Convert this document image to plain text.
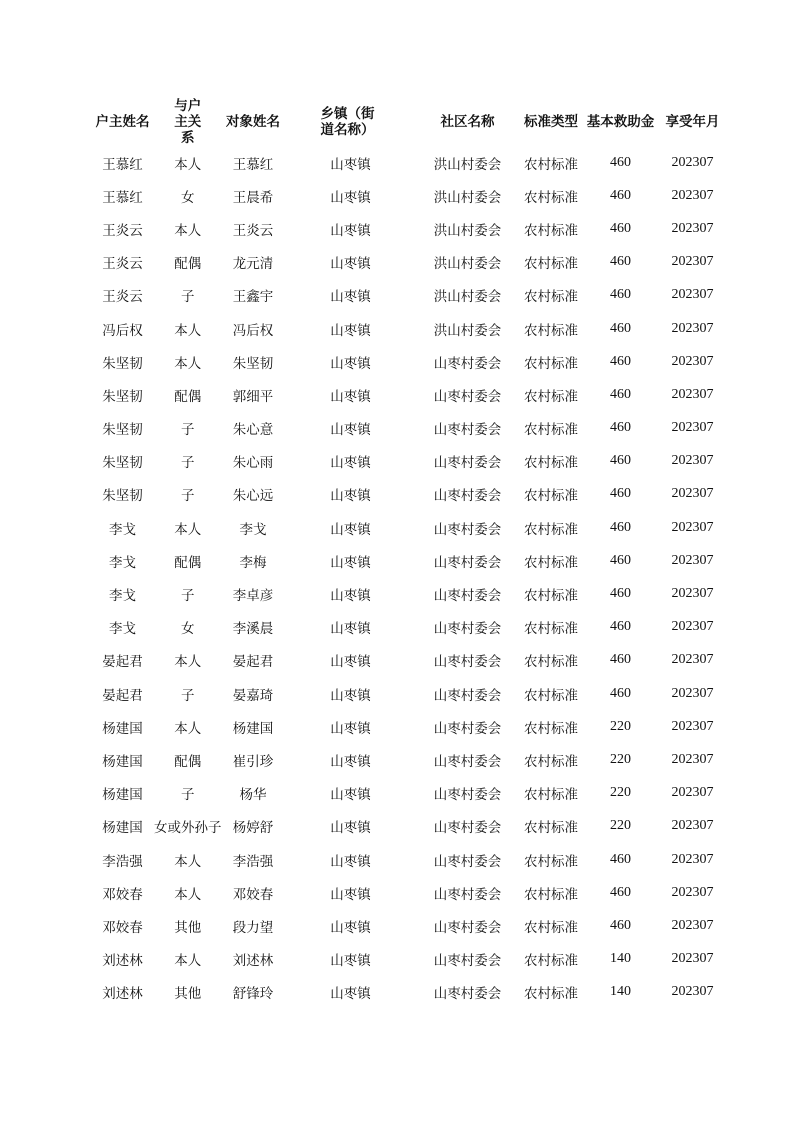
户主姓名	与户主关系	对象姓名	乡镇（街道名称）	社区名称	标准类型	基本救助金	享受年月
王慕红	本人	王慕红	山枣镇	洪山村委会	农村标准	460	202307
王慕红	女	王晨希	山枣镇	洪山村委会	农村标准	460	202307
王炎云	本人	王炎云	山枣镇	洪山村委会	农村标准	460	202307
王炎云	配偶	龙元清	山枣镇	洪山村委会	农村标准	460	202307
王炎云	子	王鑫宇	山枣镇	洪山村委会	农村标准	460	202307
冯后权	本人	冯后权	山枣镇	洪山村委会	农村标准	460	202307
朱坚韧	本人	朱坚韧	山枣镇	山枣村委会	农村标准	460	202307
朱坚韧	配偶	郭细平	山枣镇	山枣村委会	农村标准	460	202307
朱坚韧	子	朱心意	山枣镇	山枣村委会	农村标准	460	202307
朱坚韧	子	朱心雨	山枣镇	山枣村委会	农村标准	460	202307
朱坚韧	子	朱心远	山枣镇	山枣村委会	农村标准	460	202307
李戈	本人	李戈	山枣镇	山枣村委会	农村标准	460	202307
李戈	配偶	李梅	山枣镇	山枣村委会	农村标准	460	202307
李戈	子	李卓彦	山枣镇	山枣村委会	农村标准	460	202307
李戈	女	李溪晨	山枣镇	山枣村委会	农村标准	460	202307
晏起君	本人	晏起君	山枣镇	山枣村委会	农村标准	460	202307
晏起君	子	晏嘉琦	山枣镇	山枣村委会	农村标准	460	202307
杨建国	本人	杨建国	山枣镇	山枣村委会	农村标准	220	202307
杨建国	配偶	崔引珍	山枣镇	山枣村委会	农村标准	220	202307
杨建国	子	杨华	山枣镇	山枣村委会	农村标准	220	202307
杨建国	女或外孙子	杨婷舒	山枣镇	山枣村委会	农村标准	220	202307
李浩强	本人	李浩强	山枣镇	山枣村委会	农村标准	460	202307
邓姣春	本人	邓姣春	山枣镇	山枣村委会	农村标准	460	202307
邓姣春	其他	段力望	山枣镇	山枣村委会	农村标准	460	202307
刘述林	本人	刘述林	山枣镇	山枣村委会	农村标准	140	202307
刘述林	其他	舒锋玲	山枣镇	山枣村委会	农村标准	140	202307
